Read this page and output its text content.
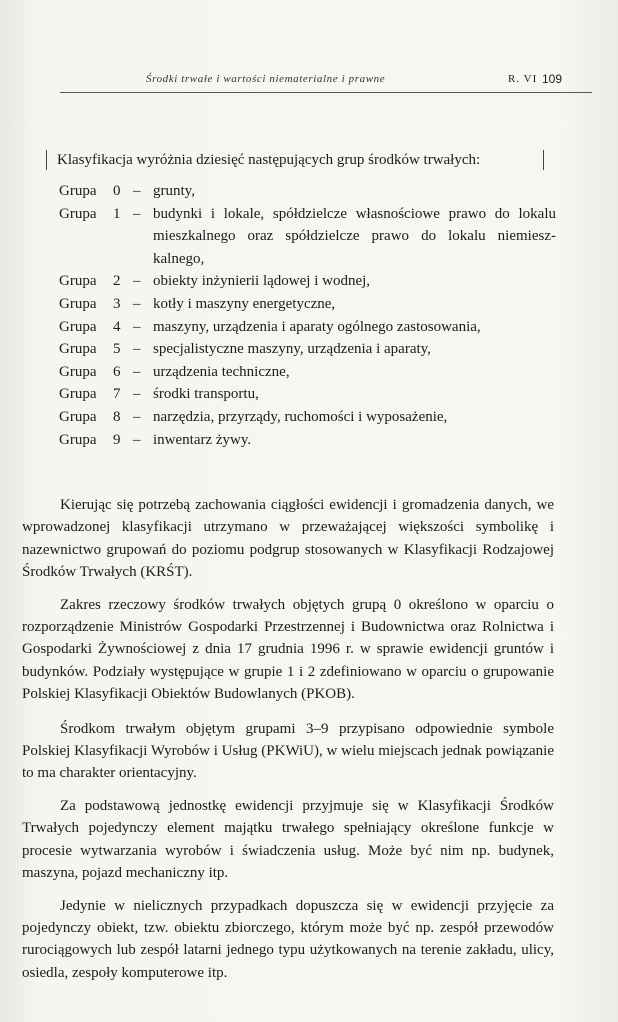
Środki trwałe i wartości niematerialne i prawne	R. VI 109
Klasyfikacja wyróżnia dziesięć następujących grup środków trwałych:
Grupa	0 – grunty,
Grupa	1 – budynki i lokale, spółdzielcze własnościowe prawo do lokalu mieszkalnego oraz spółdzielcze prawo do lokalu niemiesz-kalnego,
Grupa	2 – obiekty inżynierii lądowej i wodnej,
Grupa	3 – kotły i maszyny energetyczne,
Grupa	4 – maszyny, urządzenia i aparaty ogólnego zastosowania,
Grupa	5 – specjalistyczne maszyny, urządzenia i aparaty,
Grupa	6 – urządzenia techniczne,
Grupa	7 – środki transportu,
Grupa	8 – narzędzia, przyrządy, ruchomości i wyposażenie,
Grupa	9 – inwentarz żywy.

Kierując się potrzebą zachowania ciągłości ewidencji i gromadzenia danych, we wprowadzonej klasyfikacji utrzymano w przeważającej większości symbolikę i nazewnictwo grupowań do poziomu podgrup stosowanych w Klasyfikacji Rodzajowej Środków Trwałych (KRŚT).

Zakres rzeczowy środków trwałych objętych grupą 0 określono w oparciu o rozporządzenie Ministrów Gospodarki Przestrzennej i Budownictwa oraz Rolnictwa i Gospodarki Żywnościowej z dnia 17 grudnia 1996 r. w sprawie ewidencji gruntów i budynków. Podziały występujące w grupie 1 i 2 zdefiniowano w oparciu o grupowanie Polskiej Klasyfikacji Obiektów Budowlanych (PKOB).

Środkom trwałym objętym grupami 3–9 przypisano odpowiednie symbole Polskiej Klasyfikacji Wyrobów i Usług (PKWiU), w wielu miejscach jednak powiązanie to ma charakter orientacyjny.

Za podstawową jednostkę ewidencji przyjmuje się w Klasyfikacji Środków Trwałych pojedynczy element majątku trwałego spełniający określone funkcje w procesie wytwarzania wyrobów i świadczenia usług. Może być nim np. budynek, maszyna, pojazd mechaniczny itp.

Jedynie w nielicznych przypadkach dopuszcza się w ewidencji przyjęcie za pojedynczy obiekt, tzw. obiektu zbiorczego, którym może być np. zespół przewodów rurociągowych lub zespół latarni jednego typu użytkowanych na terenie zakładu, ulicy, osiedla, zespoły komputerowe itp.
